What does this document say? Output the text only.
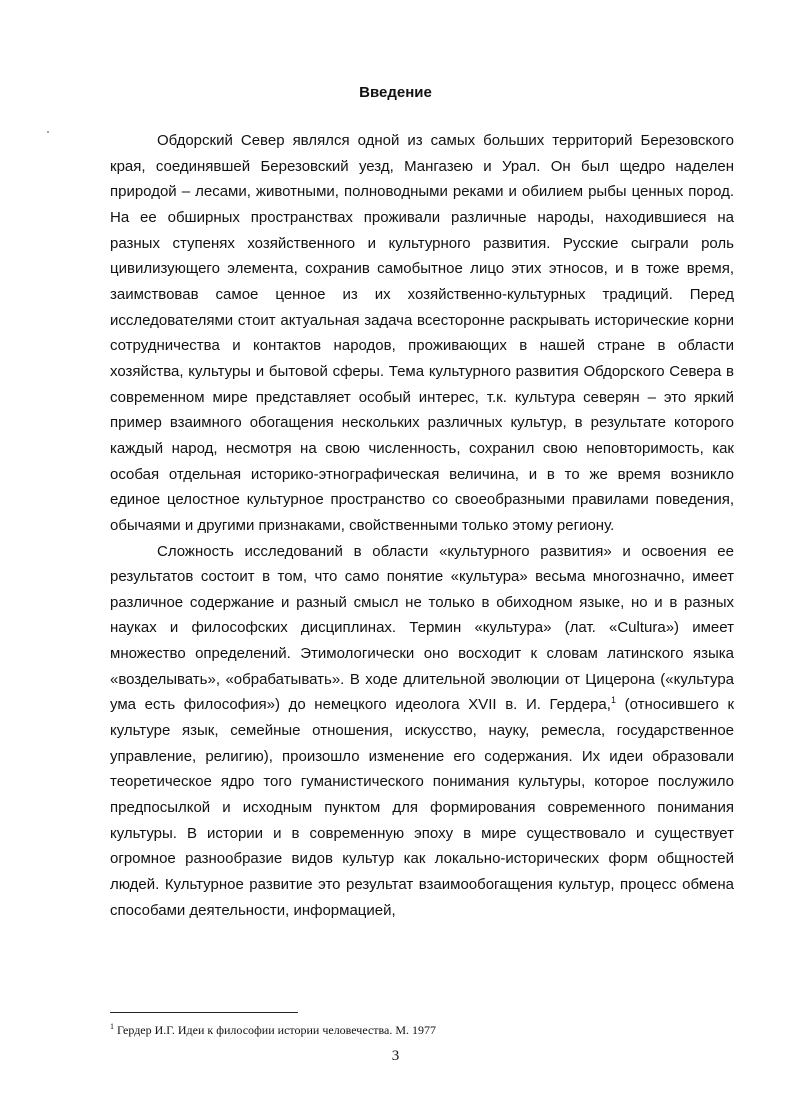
Введение

Обдорский Север являлся одной из самых больших территорий Березовского края, соединявшей Березовский уезд, Мангазею и Урал. Он был щедро наделен природой – лесами, животными, полноводными реками и обилием рыбы ценных пород. На ее обширных пространствах проживали различные народы, находившиеся на разных ступенях хозяйственного и культурного развития. Русские сыграли роль цивилизующего элемента, сохранив самобытное лицо этих этносов, и в тоже время, заимствовав самое ценное из их хозяйственно-культурных традиций. Перед исследователями стоит актуальная задача всесторонне раскрывать исторические корни сотрудничества и контактов народов, проживающих в нашей стране в области хозяйства, культуры и бытовой сферы. Тема культурного развития Обдорского Севера в современном мире представляет особый интерес, т.к. культура северян – это яркий пример взаимного обогащения нескольких различных культур, в результате которого каждый народ, несмотря на свою численность, сохранил свою неповторимость, как особая отдельная историко-этнографическая величина, и в то же время возникло единое целостное культурное пространство со своеобразными правилами поведения, обычаями и другими признаками, свойственными только этому региону.

Сложность исследований в области «культурного развития» и освоения ее результатов состоит в том, что само понятие «культура» весьма многозначно, имеет различное содержание и разный смысл не только в обиходном языке, но и в разных науках и философских дисциплинах. Термин «культура» (лат. «Cultura») имеет множество определений. Этимологически оно восходит к словам латинского языка «возделывать», «обрабатывать». В ходе длительной эволюции от Цицерона («культура ума есть философия») до немецкого идеолога XVII в. И. Гердера,$^1$ (относившего к культуре язык, семейные отношения, искусство, науку, ремесла, государственное управление, религию), произошло изменение его содержания. Их идеи образовали теоретическое ядро того гуманистического понимания культуры, которое послужило предпосылкой и исходным пунктом для формирования современного понимания культуры. В истории и в современную эпоху в мире существовало и существует огромное разнообразие видов культур как локально-исторических форм общностей людей. Культурное развитие это результат взаимообогащения культур, процесс обмена способами деятельности, информацией,

$^1$ Гердер И.Г. Идеи к философии истории человечества. М. 1977

3
